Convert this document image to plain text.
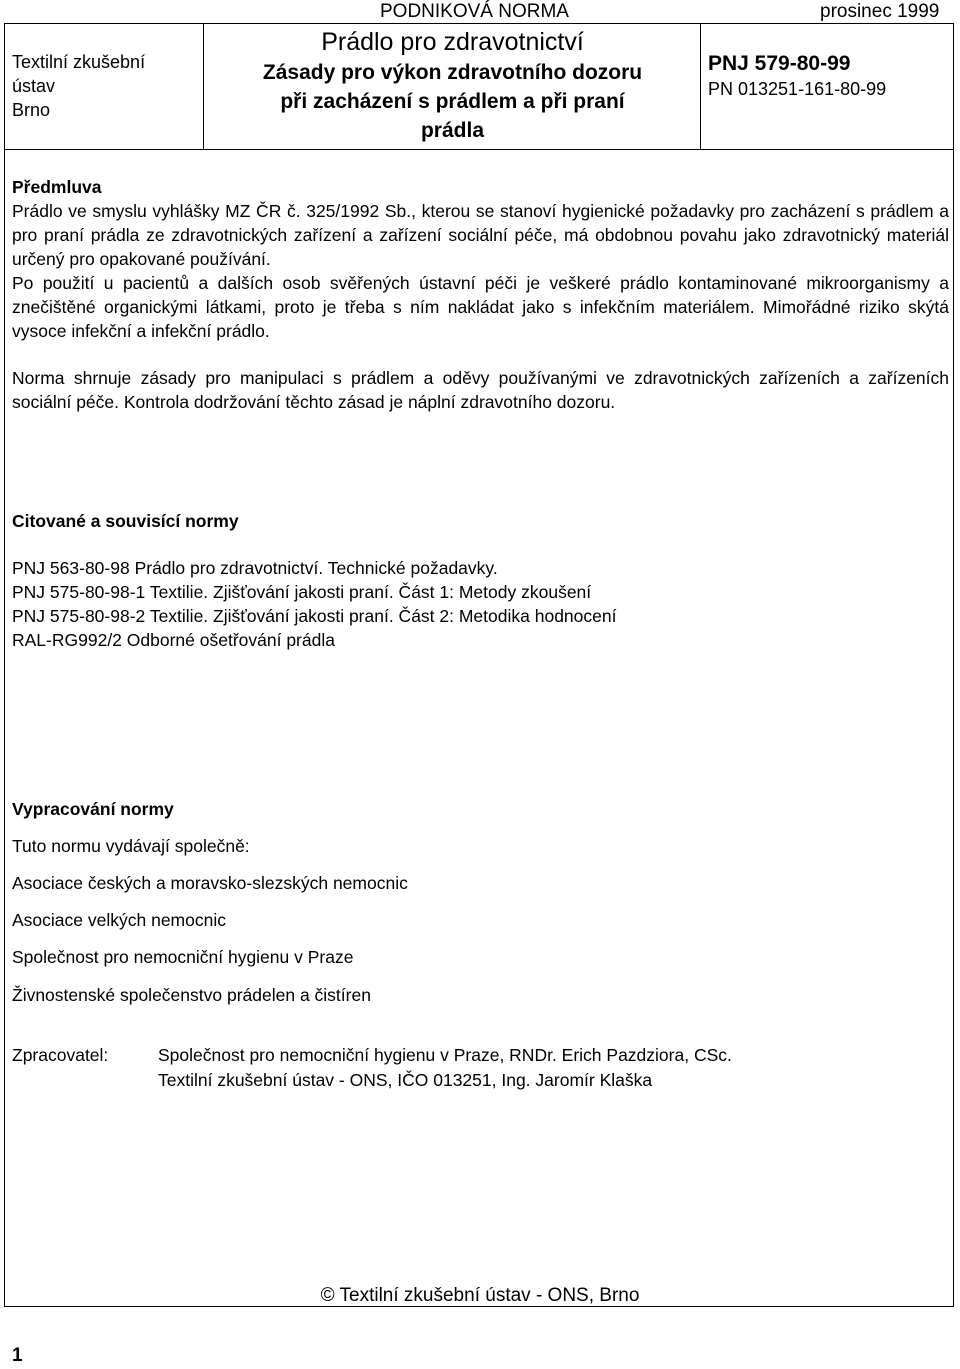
PODNIKOVÁ NORMA	prosinec 1999
Textilní zkušební
ústav
Brno
Prádlo pro zdravotnictví
Zásady pro výkon zdravotního dozoru
při zacházení s prádlem a při praní
prádla
PNJ 579-80-99
PN 013251-161-80-99
Předmluva
Prádlo ve smyslu vyhlášky MZ ČR č. 325/1992 Sb., kterou se stanoví hygienické požadavky pro zacházení s prádlem a pro praní prádla ze zdravotnických zařízení a zařízení sociální péče, má obdobnou povahu jako zdravotnický materiál určený pro opakované používání.
Po použití u pacientů a dalších osob svěřených ústavní péči je veškeré prádlo kontaminované mikroorganismy a znečištěné organickými látkami, proto je třeba s ním nakládat jako s infekčním materiálem. Mimořádné riziko skýtá vysoce infekční a infekční prádlo.
Norma shrnuje zásady pro manipulaci s prádlem a oděvy používanými ve zdravotnických zařízeních a zařízeních sociální péče. Kontrola dodržování těchto zásad je náplní zdravotního dozoru.
Citované a souvisící normy
PNJ 563-80-98 Prádlo pro zdravotnictví. Technické požadavky.
PNJ 575-80-98-1 Textilie. Zjišťování jakosti praní. Část 1: Metody zkoušení
PNJ 575-80-98-2 Textilie. Zjišťování jakosti praní. Část 2: Metodika hodnocení
RAL-RG992/2 Odborné ošetřování prádla
Vypracování normy
Tuto normu vydávají společně:
Asociace českých a moravsko-slezských nemocnic
Asociace velkých nemocnic
Společnost pro nemocniční hygienu v Praze
Živnostenské společenstvo prádelen a čistíren
Zpracovatel:	Společnost pro nemocniční hygienu v Praze, RNDr. Erich Pazdziora, CSc.
Textilní zkušební ústav - ONS, IČO 013251, Ing. Jaromír Klaška
© Textilní zkušební ústav - ONS, Brno
1
